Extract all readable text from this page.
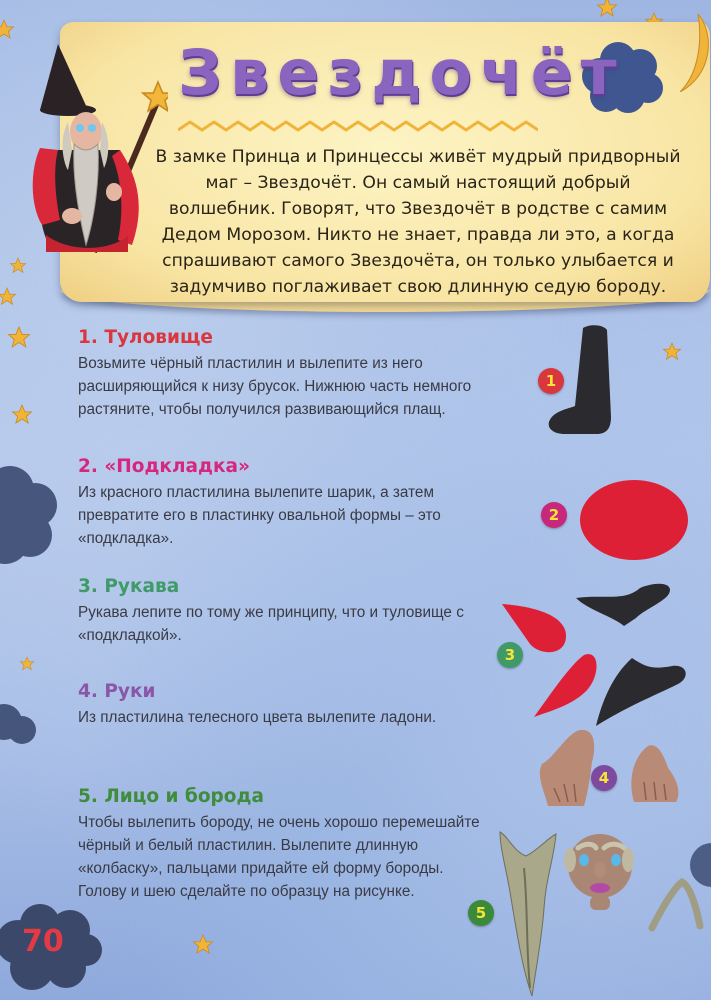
Звездочёт
В замке Принца и Принцессы живёт мудрый придворный
маг – Звездочёт. Он самый настоящий добрый
волшебник. Говорят, что Звездочёт в родстве с самим
Дедом Морозом. Никто не знает, правда ли это, а когда
спрашивают самого Звездочёта, он только улыбается и
задумчиво поглаживает свою длинную седую бороду.
1. Туловище

Возьмите чёрный пластилин и вылепите из него

расширяющийся к низу брусок. Нижнюю часть немного

растяните, чтобы получился развивающийся плащ.

2. «Подкладка»

Из красного пластилина вылепите шарик, а затем

превратите его в пластинку овальной формы – это

«подкладка».

3. Рукава

Рукава лепите по тому же принципу, что и туловище с

«подкладкой».

4. Руки

Из пластилина телесного цвета вылепите ладони.

5. Лицо и борода

Чтобы вылепить бороду, не очень хорошо перемешайте

чёрный и белый пластилин. Вылепите длинную

«колбаску», пальцами придайте ей форму бороды.

Голову и шею сделайте по образцу на рисунке.

1
2
3
4
5
70
